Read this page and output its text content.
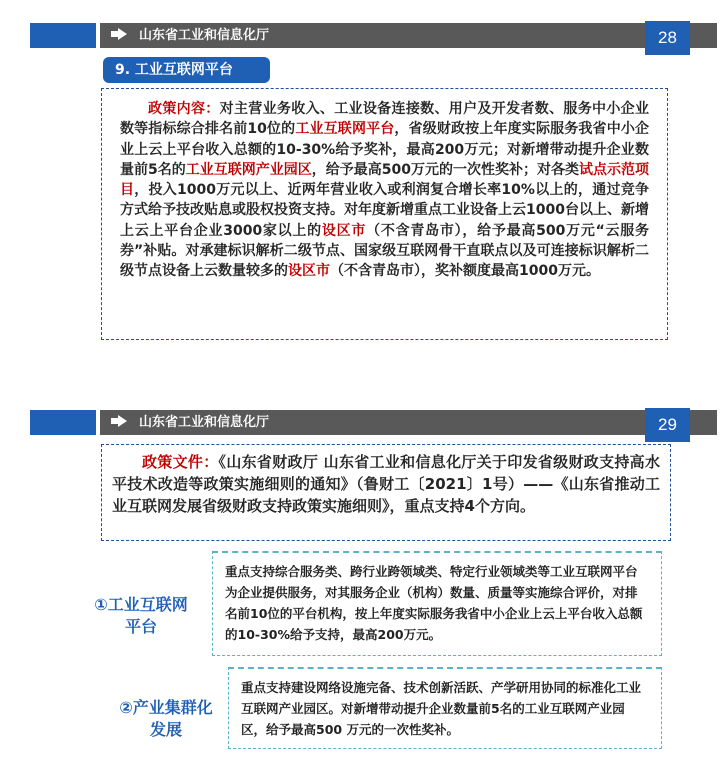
山东省工业和信息化厅	28
9. 工业互联网平台

政策内容：对主营业务收入、工业设备连接数、用户及开发者数、服务中小企业数等指标综合排名前10位的工业互联网平台，省级财政按上年度实际服务我省中小企业上云上平台收入总额的10-30%给予奖补，最高200万元；对新增带动提升企业数量前5名的工业互联网产业园区，给予最高500万元的一次性奖补；对各类试点示范项目，投入1000万元以上、近两年营业收入或利润复合增长率10%以上的，通过竞争方式给予技改贴息或股权投资支持。对年度新增重点工业设备上云1000台以上、新增上云上平台企业3000家以上的设区市（不含青岛市），给予最高500万元“云服务券”补贴。对承建标识解析二级节点、国家级互联网骨干直联点以及可连接标识解析二级节点设备上云数量较多的设区市（不含青岛市），奖补额度最高1000万元。

山东省工业和信息化厅	29

政策文件：《山东省财政厅 山东省工业和信息化厅关于印发省级财政支持高水平技术改造等政策实施细则的通知》（鲁财工〔2021〕1号）——《山东省推动工业互联网发展省级财政支持政策实施细则》，重点支持4个方向。

①工业互联网
平台

重点支持综合服务类、跨行业跨领域类、特定行业领域类等工业互联网平台为企业提供服务，对其服务企业（机构）数量、质量等实施综合评价，对排名前10位的平台机构，按上年度实际服务我省中小企业上云上平台收入总额的10-30%给予支持，最高200万元。

②产业集群化
发展

重点支持建设网络设施完备、技术创新活跃、产学研用协同的标准化工业互联网产业园区。对新增带动提升企业数量前5名的工业互联网产业园区，给予最高500 万元的一次性奖补。
